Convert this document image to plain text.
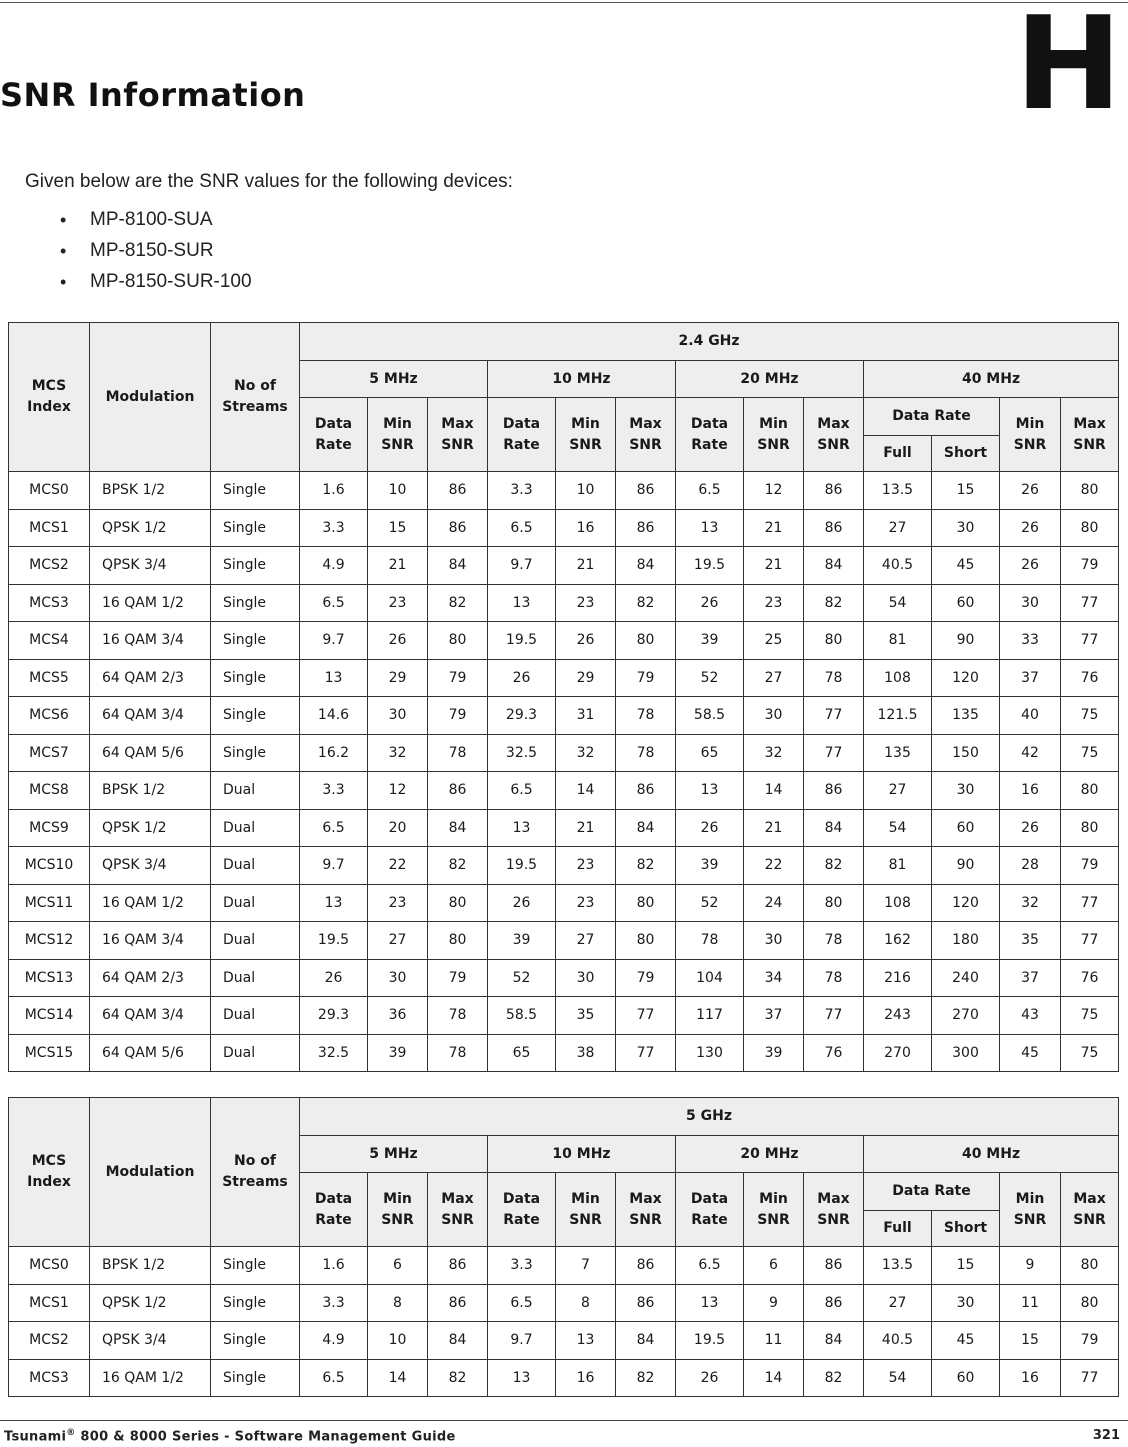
H
SNR Information

Given below are the SNR values for the following devices:

• MP-8100-SUA
• MP-8150-SUR
• MP-8150-SUR-100
MCS Index	Modulation	No of Streams	2.4 GHz												
			5 MHz			10 MHz			20 MHz			40 MHz			
			Data Rate	Min SNR	Max SNR	Data Rate	Min SNR	Max SNR	Data Rate	Min SNR	Max SNR	Data Rate		Min SNR	Max SNR
												Full	Short		
MCS0	BPSK 1/2	Single	1.6	10	86	3.3	10	86	6.5	12	86	13.5	15	26	80
MCS1	QPSK 1/2	Single	3.3	15	86	6.5	16	86	13	21	86	27	30	26	80
MCS2	QPSK 3/4	Single	4.9	21	84	9.7	21	84	19.5	21	84	40.5	45	26	79
MCS3	16 QAM 1/2	Single	6.5	23	82	13	23	82	26	23	82	54	60	30	77
MCS4	16 QAM 3/4	Single	9.7	26	80	19.5	26	80	39	25	80	81	90	33	77
MCS5	64 QAM 2/3	Single	13	29	79	26	29	79	52	27	78	108	120	37	76
MCS6	64 QAM 3/4	Single	14.6	30	79	29.3	31	78	58.5	30	77	121.5	135	40	75
MCS7	64 QAM 5/6	Single	16.2	32	78	32.5	32	78	65	32	77	135	150	42	75
MCS8	BPSK 1/2	Dual	3.3	12	86	6.5	14	86	13	14	86	27	30	16	80
MCS9	QPSK 1/2	Dual	6.5	20	84	13	21	84	26	21	84	54	60	26	80
MCS10	QPSK 3/4	Dual	9.7	22	82	19.5	23	82	39	22	82	81	90	28	79
MCS11	16 QAM 1/2	Dual	13	23	80	26	23	80	52	24	80	108	120	32	77
MCS12	16 QAM 3/4	Dual	19.5	27	80	39	27	80	78	30	78	162	180	35	77
MCS13	64 QAM 2/3	Dual	26	30	79	52	30	79	104	34	78	216	240	37	76
MCS14	64 QAM 3/4	Dual	29.3	36	78	58.5	35	77	117	37	77	243	270	43	75
MCS15	64 QAM 5/6	Dual	32.5	39	78	65	38	77	130	39	76	270	300	45	75
MCS Index	Modulation	No of Streams	5 GHz												
			5 MHz			10 MHz			20 MHz			40 MHz			
			Data Rate	Min SNR	Max SNR	Data Rate	Min SNR	Max SNR	Data Rate	Min SNR	Max SNR	Data Rate		Min SNR	Max SNR
												Full	Short		
MCS0	BPSK 1/2	Single	1.6	6	86	3.3	7	86	6.5	6	86	13.5	15	9	80
MCS1	QPSK 1/2	Single	3.3	8	86	6.5	8	86	13	9	86	27	30	11	80
MCS2	QPSK 3/4	Single	4.9	10	84	9.7	13	84	19.5	11	84	40.5	45	15	79
MCS3	16 QAM 1/2	Single	6.5	14	82	13	16	82	26	14	82	54	60	16	77
Tsunami® 800 & 8000 Series - Software Management Guide	321
